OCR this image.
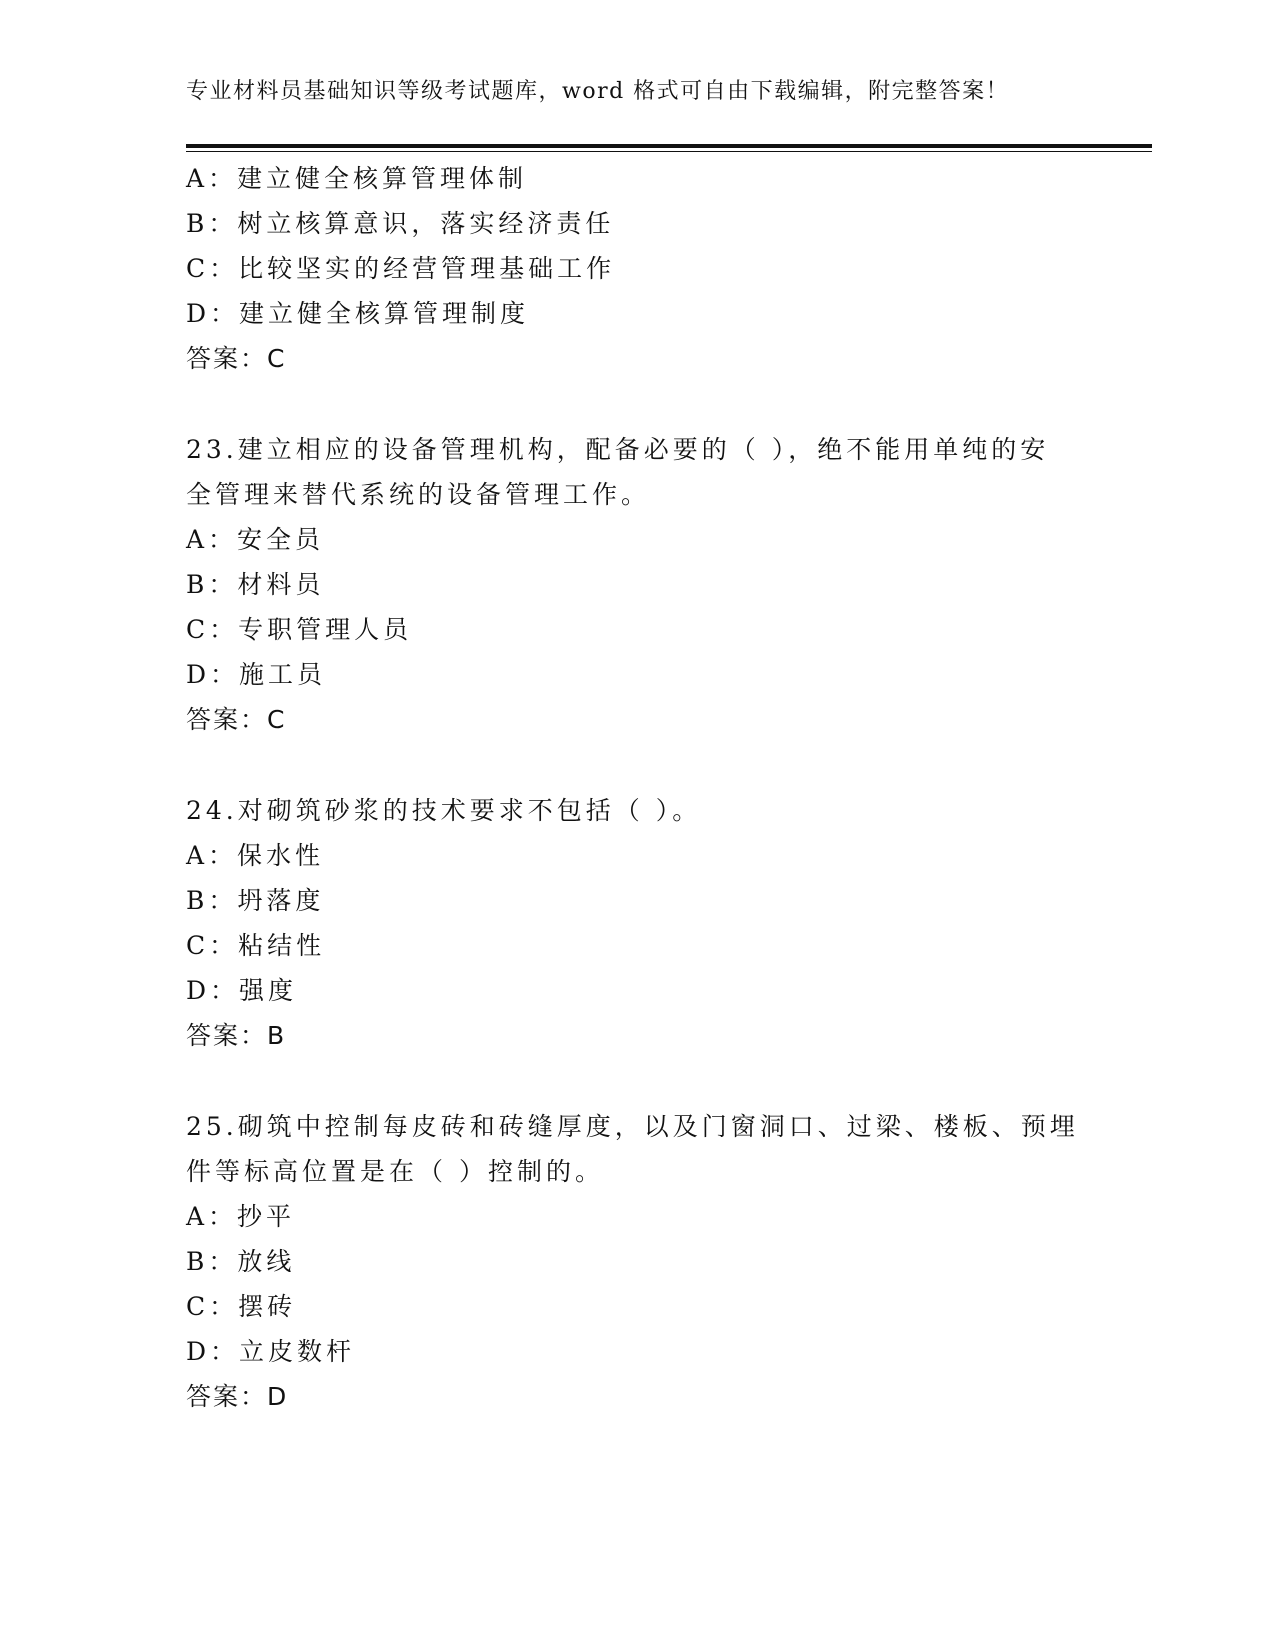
专业材料员基础知识等级考试题库，word 格式可自由下载编辑，附完整答案！
A：建立健全核算管理体制
B：树立核算意识，落实经济责任
C：比较坚实的经营管理基础工作
D：建立健全核算管理制度
答案：C
23.建立相应的设备管理机构，配备必要的（ ），绝不能用单纯的安
全管理来替代系统的设备管理工作。
A：安全员
B：材料员
C：专职管理人员
D：施工员
答案：C
24.对砌筑砂浆的技术要求不包括（ ）。
A：保水性
B：坍落度
C：粘结性
D：强度
答案：B
25.砌筑中控制每皮砖和砖缝厚度，以及门窗洞口、过梁、楼板、预埋
件等标高位置是在（ ）控制的。
A：抄平
B：放线
C：摆砖
D：立皮数杆
答案：D
